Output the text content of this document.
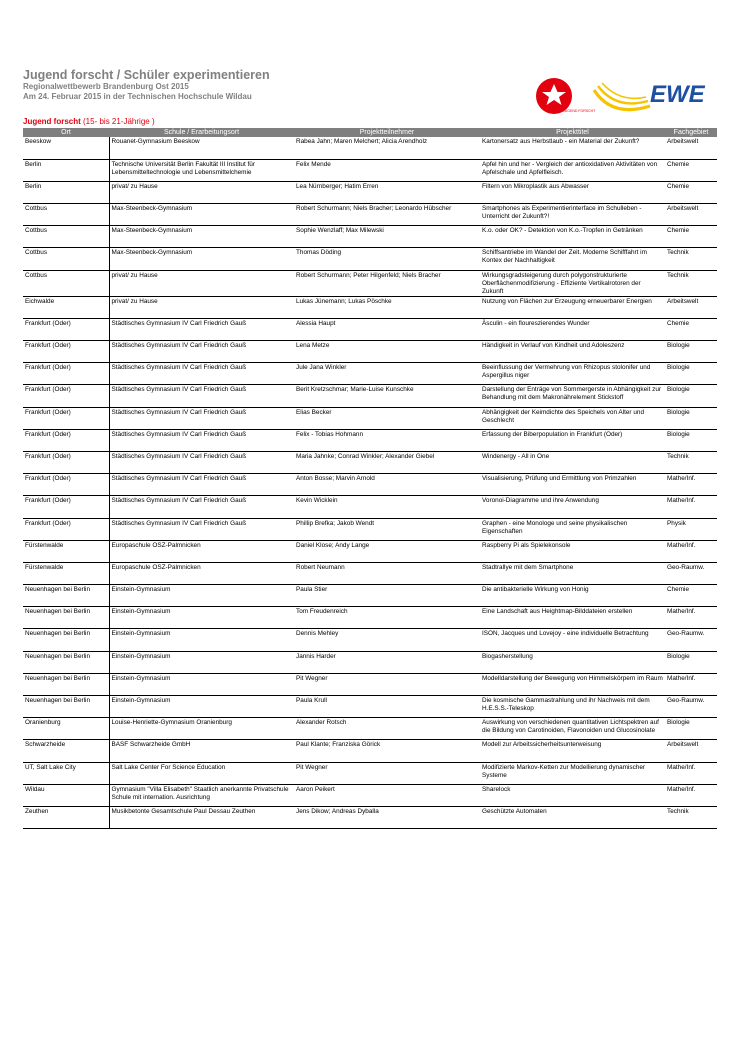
Jugend forscht / Schüler experimentieren
Regionalwettbewerb Brandenburg Ost 2015
Am 24. Februar 2015 in der Technischen Hochschule Wildau
JUGEND FORSCHT
EWE
Jugend forscht (15- bis 21-Jährige )
Ort	Schule / Erarbeitungsort	Projektteilnehmer	Projekttitel	Fachgebiet
Beeskow	Rouanet-Gymnasium Beeskow	Rabea Jahn; Maren Melchert; Alicia Arendholz	Kartonersatz aus Herbstlaub - ein Material der Zukunft?	Arbeitswelt
Berlin	Technische Universität Berlin Fakultät III Institut für Lebensmitteltechnologie und Lebensmittelchemie	Felix Mende	Apfel hin und her - Vergleich der antioxidativen Aktivitäten von Apfelschale und Apfelfleisch.	Chemie
Berlin	privat/ zu Hause	Lea Nürnberger; Hatim Erren	Filtern von Mikroplastik aus Abwasser	Chemie
Cottbus	Max-Steenbeck-Gymnasium	Robert Schurmann; Niels Bracher; Leonardo Hübscher	Smartphones als Experimentierinterface im Schulleben - Unterricht der Zukunft?!	Arbeitswelt
Cottbus	Max-Steenbeck-Gymnasium	Sophie Wenzlaff; Max Milewski	K.o. oder OK? - Detektion von K.o.-Tropfen in Getränken	Chemie
Cottbus	Max-Steenbeck-Gymnasium	Thomas Döding	Schiffsantriebe im Wandel der Zeit. Moderne Schifffahrt im Kontex der Nachhaltigkeit	Technik
Cottbus	privat/ zu Hause	Robert Schurmann; Peter Hilgenfeld; Niels Bracher	Wirkungsgradsteigerung durch polygonstrukturierte Oberflächenmodifizierung - Effiziente Vertikalrotoren der Zukunft	Technik
Eichwalde	privat/ zu Hause	Lukas Jünemann; Lukas Pöschke	Nutzung von Flächen zur Erzeugung erneuerbarer Energien	Arbeitswelt
Frankfurt (Oder)	Städtisches Gymnasium IV Carl Friedrich Gauß	Alessia Haupt	Äsculin - ein floureszierendes Wunder	Chemie
Frankfurt (Oder)	Städtisches Gymnasium IV Carl Friedrich Gauß	Lena Metze	Händigkeit in Verlauf von Kindheit und Adoleszenz	Biologie
Frankfurt (Oder)	Städtisches Gymnasium IV Carl Friedrich Gauß	Jule Jana Winkler	Beeinflussung der Vermehrung von Rhizopus stolonifer und Aspergillus niger	Biologie
Frankfurt (Oder)	Städtisches Gymnasium IV Carl Friedrich Gauß	Berit Kretzschmar; Marie-Luise Kunschke	Darstellung der Enträge von Sommergerste in Abhängigkeit zur Behandlung mit dem Makronährelement Stickstoff	Biologie
Frankfurt (Oder)	Städtisches Gymnasium IV Carl Friedrich Gauß	Elias Becker	Abhängigkeit der Keimdichte des Speichels von Alter und Geschlecht	Biologie
Frankfurt (Oder)	Städtisches Gymnasium IV Carl Friedrich Gauß	Felix - Tobias Hohmann	Erfassung der Biberpopulation in Frankfurt (Oder)	Biologie
Frankfurt (Oder)	Städtisches Gymnasium IV Carl Friedrich Gauß	Maria Jahnke; Conrad Winkler; Alexander Giebel	Windenergy - All in One	Technik
Frankfurt (Oder)	Städtisches Gymnasium IV Carl Friedrich Gauß	Anton Bosse; Marvin Arnold	Visualisierung, Prüfung und Ermittlung von Primzahlen	Mathe/Inf.
Frankfurt (Oder)	Städtisches Gymnasium IV Carl Friedrich Gauß	Kevin Wicklein	Voronoi-Diagramme und ihre Anwendung	Mathe/Inf.
Frankfurt (Oder)	Städtisches Gymnasium IV Carl Friedrich Gauß	Phillip Brefka; Jakob Wendt	Graphen - eine Monologe und seine physikalischen Eigenschaften	Physik
Fürstenwalde	Europaschule OSZ-Palmnicken	Daniel Klose; Andy Lange	Raspberry Pi als Spielekonsole	Mathe/Inf.
Fürstenwalde	Europaschule OSZ-Palmnicken	Robert Neumann	Stadtrallye mit dem Smartphone	Geo-Raumw.
Neuenhagen bei Berlin	Einstein-Gymnasium	Paula Stier	Die antibakterielle Wirkung von Honig	Chemie
Neuenhagen bei Berlin	Einstein-Gymnasium	Tom Freudenreich	Eine Landschaft aus Heightmap-Bilddateien erstellen	Mathe/Inf.
Neuenhagen bei Berlin	Einstein-Gymnasium	Dennis Mehley	ISON, Jacques und Lovejoy - eine individuelle Betrachtung	Geo-Raumw.
Neuenhagen bei Berlin	Einstein-Gymnasium	Jannis Harder	Biogasherstellung	Biologie
Neuenhagen bei Berlin	Einstein-Gymnasium	Pit Wegner	Modelldarstellung der Bewegung von Himmelskörpern im Raum	Mathe/Inf.
Neuenhagen bei Berlin	Einstein-Gymnasium	Paula Krull	Die kosmische Gammastrahlung und ihr Nachweis mit dem H.E.S.S.-Teleskop	Geo-Raumw.
Oranienburg	Louise-Henriette-Gymnasium Oranienburg	Alexander Rotsch	Auswirkung von verschiedenen quantitativen Lichtspektren auf die Bildung von Carotinoiden, Flavonoiden und Glucosinolate	Biologie
Schwarzheide	BASF Schwarzheide GmbH	Paul Klante; Franziska Görick	Modell zur Arbeitssicherheitsunterweisung	Arbeitswelt
UT, Salt Lake City	Salt Lake Center For Science Education	Pit Wegner	Modifizierte Markov-Ketten zur Modellierung dynamischer Systeme	Mathe/Inf.
Wildau	Gymnasium "Villa Elisabeth" Staatlich anerkannte Privatschule Schule mit internation. Ausrichtung	Aaron Peikert	Sharelock	Mathe/Inf.
Zeuthen	Musikbetonte Gesamtschule Paul Dessau Zeuthen	Jens Dikow; Andreas Dyballa	Geschützte Automaten	Technik
